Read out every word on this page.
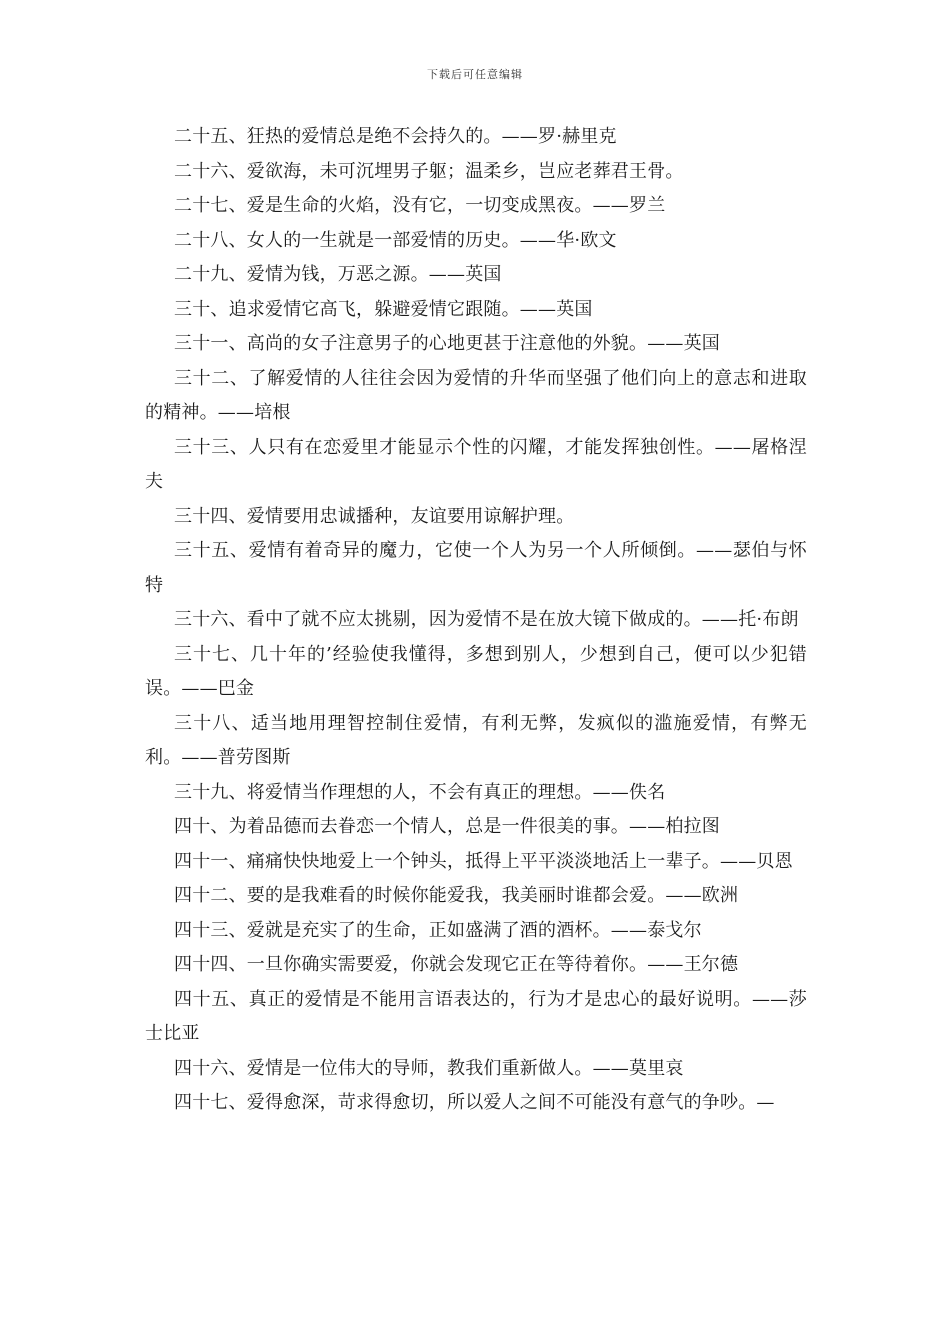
下载后可任意编辑

二十五、狂热的爱情总是绝不会持久的。——罗·赫里克

二十六、爱欲海，未可沉埋男子躯；温柔乡，岂应老葬君王骨。

二十七、爱是生命的火焰，没有它，一切变成黑夜。——罗兰

二十八、女人的一生就是一部爱情的历史。——华·欧文

二十九、爱情为钱，万恶之源。——英国

三十、追求爱情它高飞，躲避爱情它跟随。——英国

三十一、高尚的女子注意男子的心地更甚于注意他的外貌。——英国

三十二、了解爱情的人往往会因为爱情的升华而坚强了他们向上的意志和进取的精神。——培根

三十三、人只有在恋爱里才能显示个性的闪耀，才能发挥独创性。——屠格涅夫

三十四、爱情要用忠诚播种，友谊要用谅解护理。

三十五、爱情有着奇异的魔力，它使一个人为另一个人所倾倒。——瑟伯与怀特

三十六、看中了就不应太挑剔，因为爱情不是在放大镜下做成的。——托·布朗

三十七、几十年的’经验使我懂得，多想到别人，少想到自己，便可以少犯错误。——巴金

三十八、适当地用理智控制住爱情，有利无弊，发疯似的滥施爱情，有弊无利。——普劳图斯

三十九、将爱情当作理想的人，不会有真正的理想。——佚名

四十、为着品德而去眷恋一个情人，总是一件很美的事。——柏拉图

四十一、痛痛快快地爱上一个钟头，抵得上平平淡淡地活上一辈子。——贝恩

四十二、要的是我难看的时候你能爱我，我美丽时谁都会爱。——欧洲

四十三、爱就是充实了的生命，正如盛满了酒的酒杯。——泰戈尔

四十四、一旦你确实需要爱，你就会发现它正在等待着你。——王尔德

四十五、真正的爱情是不能用言语表达的，行为才是忠心的最好说明。——莎士比亚

四十六、爱情是一位伟大的导师，教我们重新做人。——莫里哀

四十七、爱得愈深，苛求得愈切，所以爱人之间不可能没有意气的争吵。—
